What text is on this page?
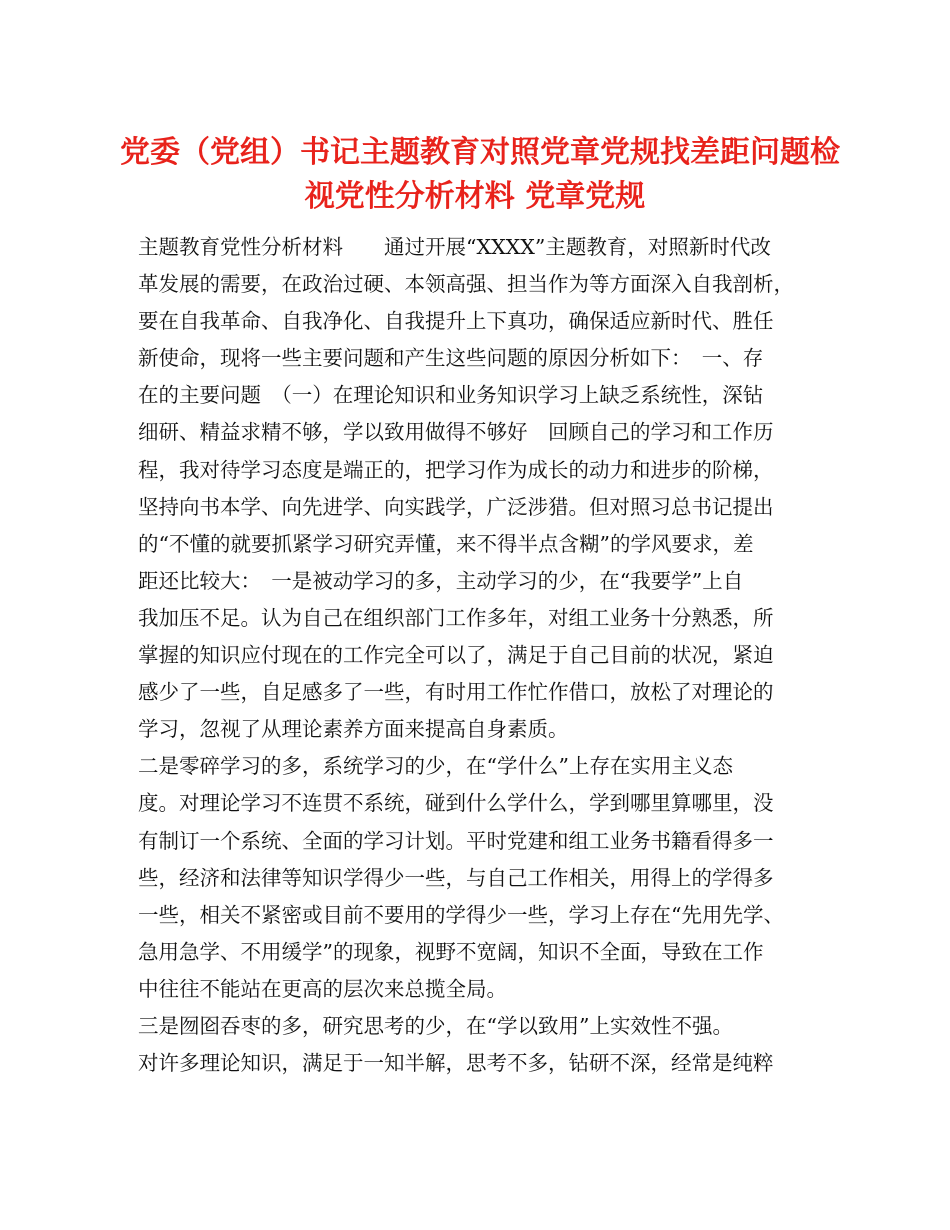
党委（党组）书记主题教育对照党章党规找差距问题检
视党性分析材料 党章党规
主题教育党性分析材料　　通过开展“XXXX”主题教育，对照新时代改
革发展的需要，在政治过硬、本领高强、担当作为等方面深入自我剖析，
要在自我革命、自我净化、自我提升上下真功，确保适应新时代、胜任
新使命，现将一些主要问题和产生这些问题的原因分析如下：　一、存
在的主要问题　（一）在理论知识和业务知识学习上缺乏系统性，深钻
细研、精益求精不够，学以致用做得不够好　回顾自己的学习和工作历
程，我对待学习态度是端正的，把学习作为成长的动力和进步的阶梯，
坚持向书本学、向先进学、向实践学，广泛涉猎。但对照习总书记提出
的“不懂的就要抓紧学习研究弄懂，来不得半点含糊”的学风要求，差
距还比较大：　一是被动学习的多，主动学习的少，在“我要学”上自
我加压不足。认为自己在组织部门工作多年，对组工业务十分熟悉，所
掌握的知识应付现在的工作完全可以了，满足于自己目前的状况，紧迫
感少了一些，自足感多了一些，有时用工作忙作借口，放松了对理论的
学习，忽视了从理论素养方面来提高自身素质。
二是零碎学习的多，系统学习的少，在“学什么”上存在实用主义态
度。对理论学习不连贯不系统，碰到什么学什么，学到哪里算哪里，没
有制订一个系统、全面的学习计划。平时党建和组工业务书籍看得多一
些，经济和法律等知识学得少一些，与自己工作相关，用得上的学得多
一些，相关不紧密或目前不要用的学得少一些，学习上存在“先用先学、
急用急学、不用缓学”的现象，视野不宽阔，知识不全面，导致在工作
中往往不能站在更高的层次来总揽全局。
三是囫囵吞枣的多，研究思考的少，在“学以致用”上实效性不强。
对许多理论知识，满足于一知半解，思考不多，钻研不深，经常是纯粹
